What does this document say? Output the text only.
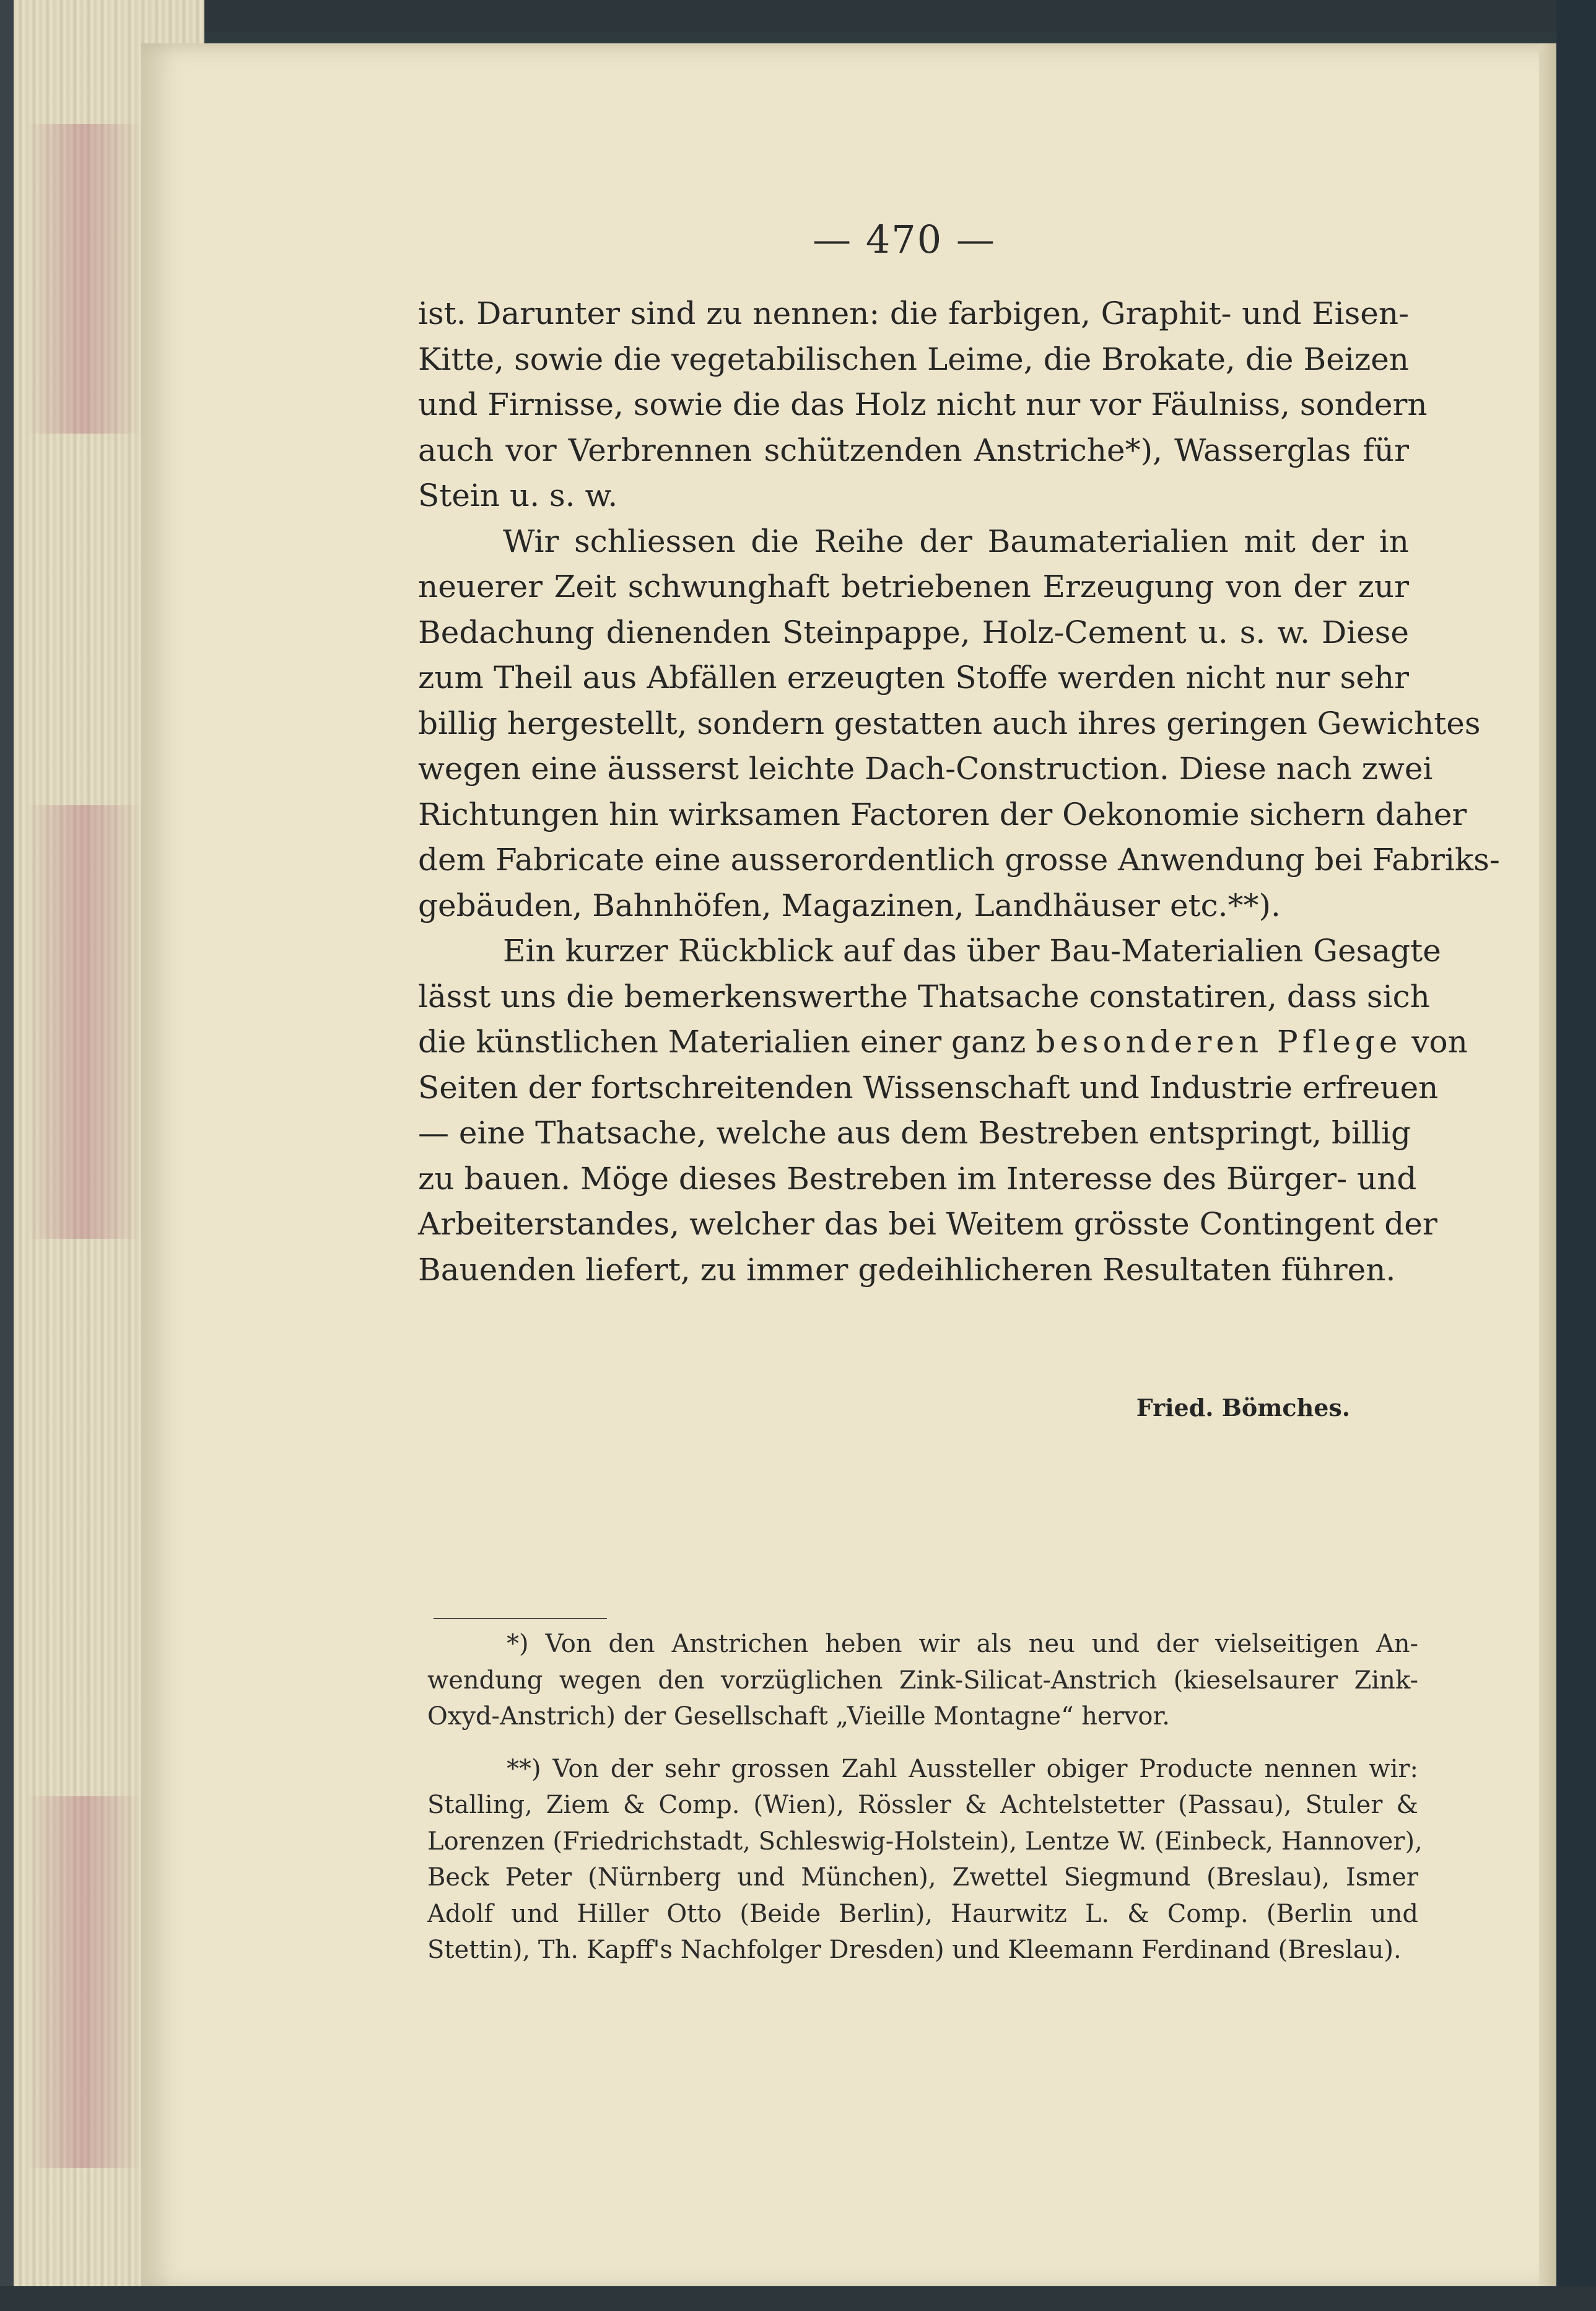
— 470 —
ist. Darunter sind zu nennen: die farbigen, Graphit- und Eisen-
Kitte, sowie die vegetabilischen Leime, die Brokate, die Beizen
und Firnisse, sowie die das Holz nicht nur vor Fäulniss, sondern
auch vor Verbrennen schützenden Anstriche*), Wasserglas für
Stein u. s. w.
Wir schliessen die Reihe der Baumaterialien mit der in
neuerer Zeit schwunghaft betriebenen Erzeugung von der zur
Bedachung dienenden Steinpappe, Holz-Cement u. s. w. Diese
zum Theil aus Abfällen erzeugten Stoffe werden nicht nur sehr
billig hergestellt, sondern gestatten auch ihres geringen Gewichtes
wegen eine äusserst leichte Dach-Construction. Diese nach zwei
Richtungen hin wirksamen Factoren der Oekonomie sichern daher
dem Fabricate eine ausserordentlich grosse Anwendung bei Fabriks-
gebäuden, Bahnhöfen, Magazinen, Landhäuser etc.**).
Ein kurzer Rückblick auf das über Bau-Materialien Gesagte
lässt uns die bemerkenswerthe Thatsache constatiren, dass sich
die künstlichen Materialien einer ganz besonderen Pflege von
Seiten der fortschreitenden Wissenschaft und Industrie erfreuen
— eine Thatsache, welche aus dem Bestreben entspringt, billig
zu bauen. Möge dieses Bestreben im Interesse des Bürger- und
Arbeiterstandes, welcher das bei Weitem grösste Contingent der
Bauenden liefert, zu immer gedeihlicheren Resultaten führen.
Fried. Bömches.
*) Von den Anstrichen heben wir als neu und der vielseitigen An-
wendung wegen den vorzüglichen Zink-Silicat-Anstrich (kieselsaurer Zink-
Oxyd-Anstrich) der Gesellschaft „Vieille Montagne“ hervor.
**) Von der sehr grossen Zahl Aussteller obiger Producte nennen wir:
Stalling, Ziem & Comp. (Wien), Rössler & Achtelstetter (Passau), Stuler &
Lorenzen (Friedrichstadt, Schleswig-Holstein), Lentze W. (Einbeck, Hannover),
Beck Peter (Nürnberg und München), Zwettel Siegmund (Breslau), Ismer
Adolf und Hiller Otto (Beide Berlin), Haurwitz L. & Comp. (Berlin und
Stettin), Th. Kapff's Nachfolger Dresden) und Kleemann Ferdinand (Breslau).
